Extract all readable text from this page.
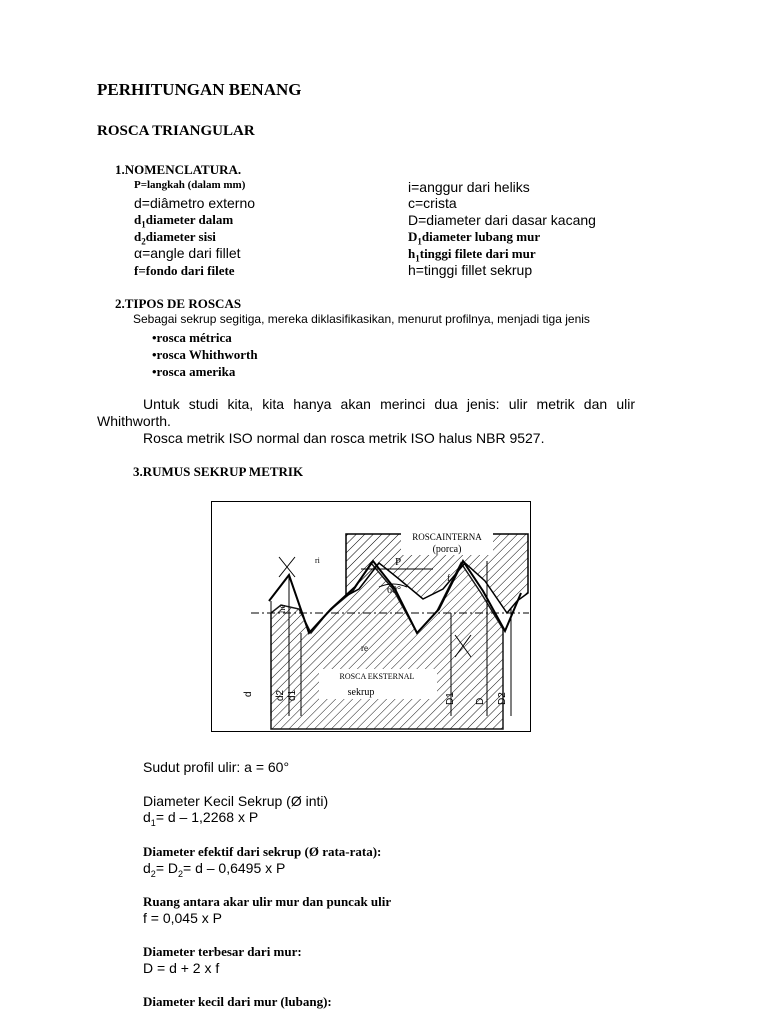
PERHITUNGAN BENANG
ROSCA TRIANGULAR
1.NOMENCLATURA.
P=langkah (dalam mm)
d=diâmetro externo
$d_1diameter$ dalam
$d_2diameter$ sisi
α=angle dari fillet
f=fondo dari filete
i=anggur dari heliks
c=crista
D=diameter dari dasar kacang
$D_1diameter$ lubang mur
$h_1tinggi$ filete dari mur
h=tinggi fillet sekrup
2.TIPOS DE ROSCAS
Sebagai sekrup segitiga, mereka diklasifikasikan, menurut profilnya, menjadi tiga jenis
•rosca métrica
•rosca Whithworth
•rosca amerika
Untuk studi kita, kita hanya akan merinci dua jenis: ulir metrik dan ulir
Whithworth.
Rosca metrik ISO normal dan rosca metrik ISO halus NBR 9527.
3.RUMUS SEKRUP METRIK
ROSCAINTERNA
(porca)
P
60°
f
ri
re
he
ROSCA EKSTERNAL
sekrup
d d2 d1	D1 D D2
Sudut profil ulir: a = 60°
Diameter Kecil Sekrup (Ø inti)
$d_1= d - 1,2268$ x P
Diameter efektif dari sekrup (Ø rata-rata):
$d_2= D_2= d - 0,6495$ x P
Ruang antara akar ulir mur dan puncak ulir
f = 0,045 x P
Diameter terbesar dari mur:
D = d + 2 x f
Diameter kecil dari mur (lubang):
